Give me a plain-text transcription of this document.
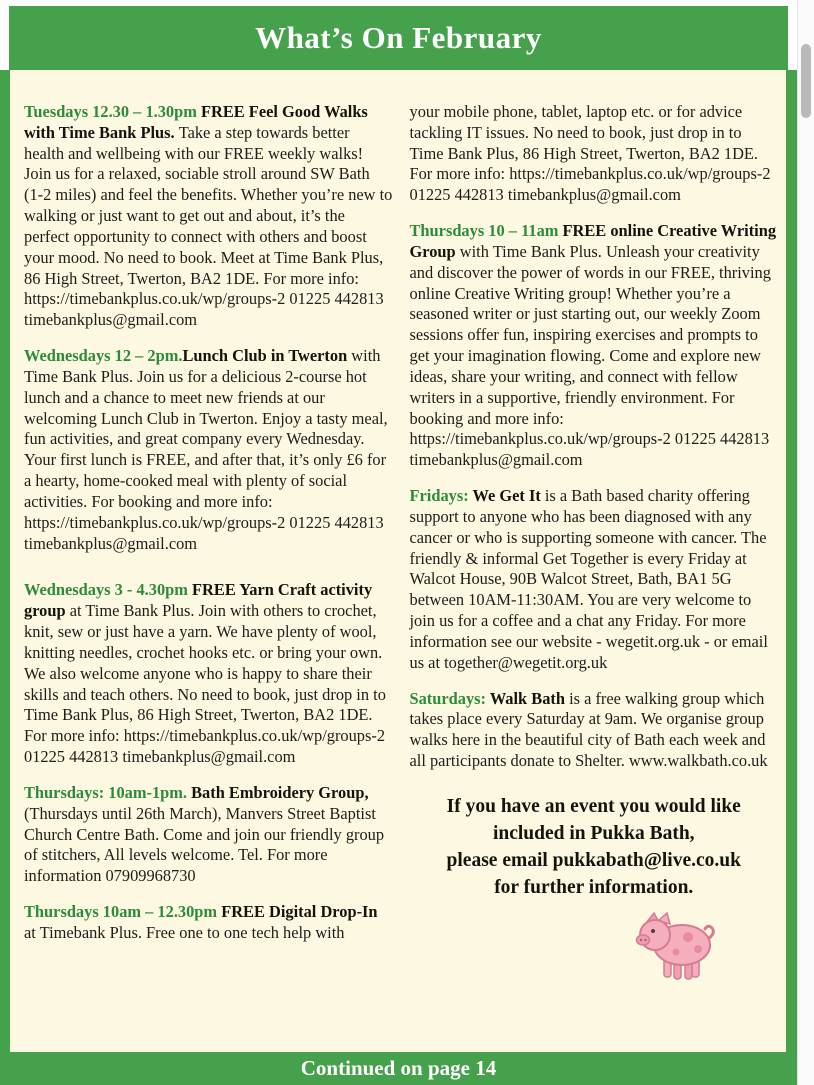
What’s On February

Tuesdays 12.30 – 1.30pm FREE Feel Good Walks with Time Bank Plus. Take a step towards better health and wellbeing with our FREE weekly walks! Join us for a relaxed, sociable stroll around SW Bath (1-2 miles) and feel the benefits. Whether you’re new to walking or just want to get out and about, it’s the perfect opportunity to connect with others and boost your mood. No need to book. Meet at Time Bank Plus, 86 High Street, Twerton, BA2 1DE. For more info: https://timebankplus.co.uk/wp/groups-2 01225 442813 timebankplus@gmail.com

Wednesdays 12 – 2pm.Lunch Club in Twerton with Time Bank Plus. Join us for a delicious 2-course hot lunch and a chance to meet new friends at our welcoming Lunch Club in Twerton. Enjoy a tasty meal, fun activities, and great company every Wednesday. Your first lunch is FREE, and after that, it’s only £6 for a hearty, home-cooked meal with plenty of social activities. For booking and more info: https://timebankplus.co.uk/wp/groups-2 01225 442813 timebankplus@gmail.com

Wednesdays 3 - 4.30pm FREE Yarn Craft activity group at Time Bank Plus. Join with others to crochet, knit, sew or just have a yarn. We have plenty of wool, knitting needles, crochet hooks etc. or bring your own. We also welcome anyone who is happy to share their skills and teach others. No need to book, just drop in to Time Bank Plus, 86 High Street, Twerton, BA2 1DE. For more info: https://timebankplus.co.uk/wp/groups-2 01225 442813 timebankplus@gmail.com

Thursdays: 10am-1pm. Bath Embroidery Group, (Thursdays until 26th March), Manvers Street Baptist Church Centre Bath. Come and join our friendly group of stitchers, All levels welcome. Tel. For more information 07909968730

Thursdays 10am – 12.30pm FREE Digital Drop-In at Timebank Plus. Free one to one tech help with

your mobile phone, tablet, laptop etc. or for advice tackling IT issues. No need to book, just drop in to Time Bank Plus, 86 High Street, Twerton, BA2 1DE. For more info: https://timebankplus.co.uk/wp/groups-2 01225 442813 timebankplus@gmail.com

Thursdays 10 – 11am FREE online Creative Writing Group with Time Bank Plus. Unleash your creativity and discover the power of words in our FREE, thriving online Creative Writing group! Whether you’re a seasoned writer or just starting out, our weekly Zoom sessions offer fun, inspiring exercises and prompts to get your imagination flowing. Come and explore new ideas, share your writing, and connect with fellow writers in a supportive, friendly environment. For booking and more info: https://timebankplus.co.uk/wp/groups-2 01225 442813 timebankplus@gmail.com

Fridays: We Get It is a Bath based charity offering support to anyone who has been diagnosed with any cancer or who is supporting someone with cancer. The friendly & informal Get Together is every Friday at Walcot House, 90B Walcot Street, Bath, BA1 5G between 10AM-11:30AM. You are very welcome to join us for a coffee and a chat any Friday. For more information see our website - wegetit.org.uk - or email us at together@wegetit.org.uk

Saturdays: Walk Bath is a free walking group which takes place every Saturday at 9am. We organise group walks here in the beautiful city of Bath each week and all participants donate to Shelter. www.walkbath.co.uk

If you have an event you would like
included in Pukka Bath,
please email pukkabath@live.co.uk
for further information.
Continued on page 14
